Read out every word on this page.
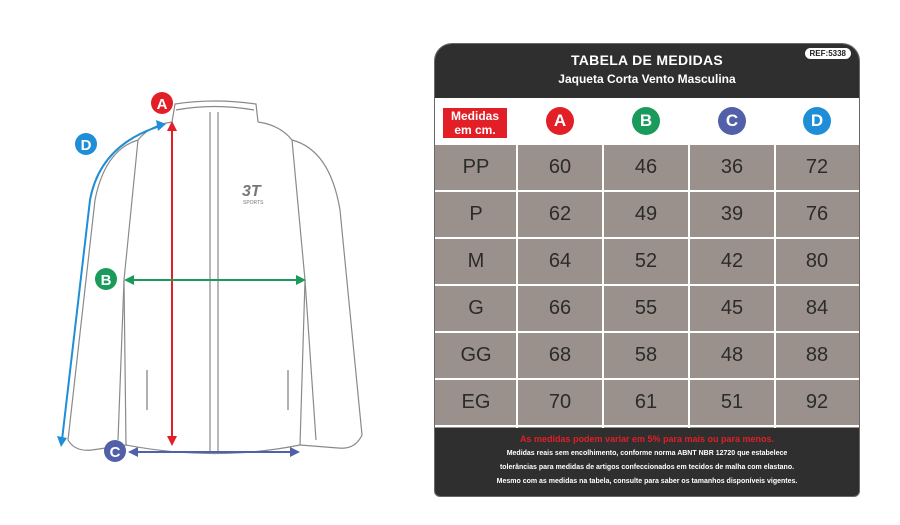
3T
SPORTS
A
B
C
D
TABELA DE MEDIDAS
Jaqueta Corta Vento Masculina
REF:5338
Medidas
em cm.	A	B	C	D
PP	60	46	36	72
P	62	49	39	76
M	64	52	42	80
G	66	55	45	84
GG	68	58	48	88
EG	70	61	51	92
As medidas podem variar em 5% para mais ou para menos.
Medidas reais sem encolhimento, conforme norma ABNT NBR 12720 que estabelece
tolerâncias para medidas de artigos confeccionados em tecidos de malha com elastano.
Mesmo com as medidas na tabela, consulte para saber os tamanhos disponíveis vigentes.
